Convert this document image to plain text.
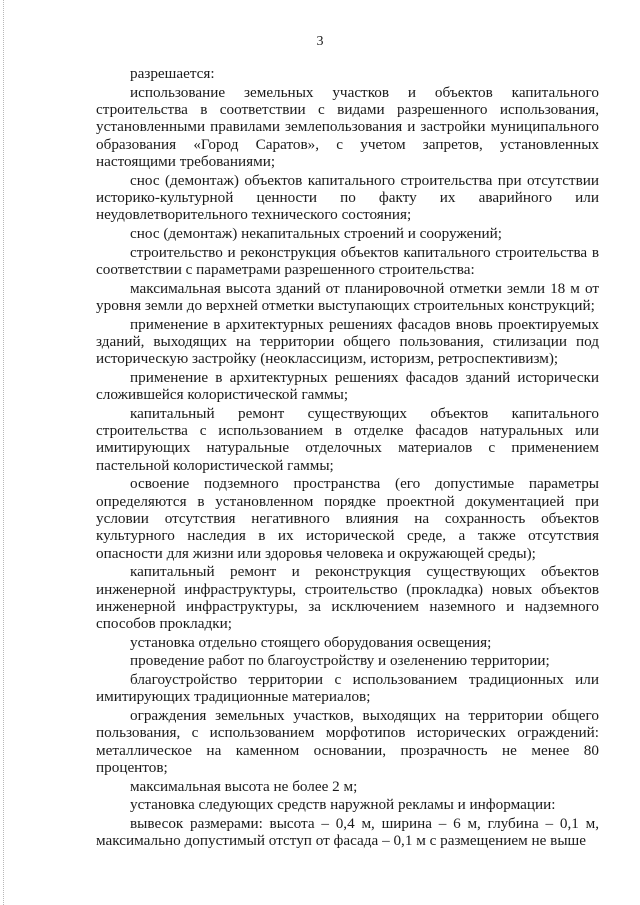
3

разрешается:

использование земельных участков и объектов капитального строительства в соответствии с видами разрешенного использования, установленными правилами землепользования и застройки муниципального образования «Город Саратов», с учетом запретов, установленных настоящими требованиями;

снос (демонтаж) объектов капитального строительства при отсутствии историко-культурной ценности по факту их аварийного или неудовлетворительного технического состояния;

снос (демонтаж) некапитальных строений и сооружений;

строительство и реконструкция объектов капитального строительства в соответствии с параметрами разрешенного строительства:

максимальная высота зданий от планировочной отметки земли 18 м от уровня земли до верхней отметки выступающих строительных конструкций;

применение в архитектурных решениях фасадов вновь проектируемых зданий, выходящих на территории общего пользования, стилизации под историческую застройку (неоклассицизм, историзм, ретроспективизм);

применение в архитектурных решениях фасадов зданий исторически сложившейся колористической гаммы;

капитальный ремонт существующих объектов капитального строительства с использованием в отделке фасадов натуральных или имитирующих натуральные отделочных материалов с применением пастельной колористической гаммы;

освоение подземного пространства (его допустимые параметры определяются в установленном порядке проектной документацией при условии отсутствия негативного влияния на сохранность объектов культурного наследия в их исторической среде, а также отсутствия опасности для жизни или здоровья человека и окружающей среды);

капитальный ремонт и реконструкция существующих объектов инженерной инфраструктуры, строительство (прокладка) новых объектов инженерной инфраструктуры, за исключением наземного и надземного способов прокладки;

установка отдельно стоящего оборудования освещения;

проведение работ по благоустройству и озеленению территории;

благоустройство территории с использованием традиционных или имитирующих традиционные материалов;

ограждения земельных участков, выходящих на территории общего пользования, с использованием морфотипов исторических ограждений: металлическое на каменном основании, прозрачность не менее 80 процентов;

максимальная высота не более 2 м;

установка следующих средств наружной рекламы и информации:

вывесок размерами: высота – 0,4 м, ширина – 6 м, глубина – 0,1 м, максимально допустимый отступ от фасада – 0,1 м с размещением не выше
